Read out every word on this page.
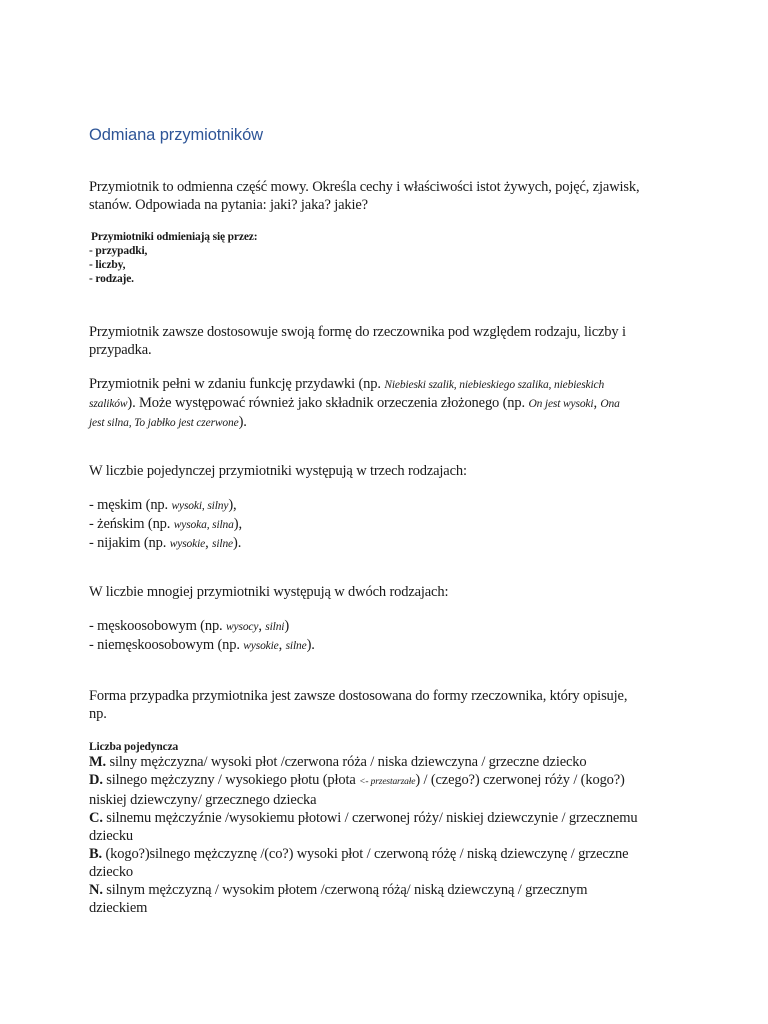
Odmiana przymiotników
Przymiotnik to odmienna część mowy. Określa cechy i właściwości istot żywych, pojęć, zjawisk,
stanów. Odpowiada na pytania: jaki? jaka? jakie?
Przymiotniki odmieniają się przez:
- przypadki,
- liczby,
- rodzaje.
Przymiotnik zawsze dostosowuje swoją formę do rzeczownika pod względem rodzaju, liczby i
przypadka.
Przymiotnik pełni w zdaniu funkcję przydawki (np. Niebieski szalik, niebieskiego szalika, niebieskich
szalików). Może występować również jako składnik orzeczenia złożonego (np. On jest wysoki, Ona
jest silna, To jabłko jest czerwone).
W liczbie pojedynczej przymiotniki występują w trzech rodzajach:
- męskim (np. wysoki, silny),
- żeńskim (np. wysoka, silna),
- nijakim (np. wysokie, silne).
W liczbie mnogiej przymiotniki występują w dwóch rodzajach:
- męskoosobowym (np. wysocy, silni)
- niemęskoosobowym (np. wysokie, silne).
Forma przypadka przymiotnika jest zawsze dostosowana do formy rzeczownika, który opisuje,
np.
Liczba pojedyncza
M. silny mężczyzna/ wysoki płot /czerwona róża / niska dziewczyna / grzeczne dziecko
D. silnego mężczyzny / wysokiego płotu (płota <- przestarzałe) / (czego?) czerwonej róży / (kogo?)
niskiej dziewczyny/ grzecznego dziecka
C. silnemu mężczyźnie /wysokiemu płotowi / czerwonej róży/ niskiej dziewczynie / grzecznemu
dziecku
B. (kogo?)silnego mężczyznę /(co?) wysoki płot / czerwoną różę / niską dziewczynę / grzeczne
dziecko
N. silnym mężczyzną / wysokim płotem /czerwoną różą/ niską dziewczyną / grzecznym
dzieckiem
